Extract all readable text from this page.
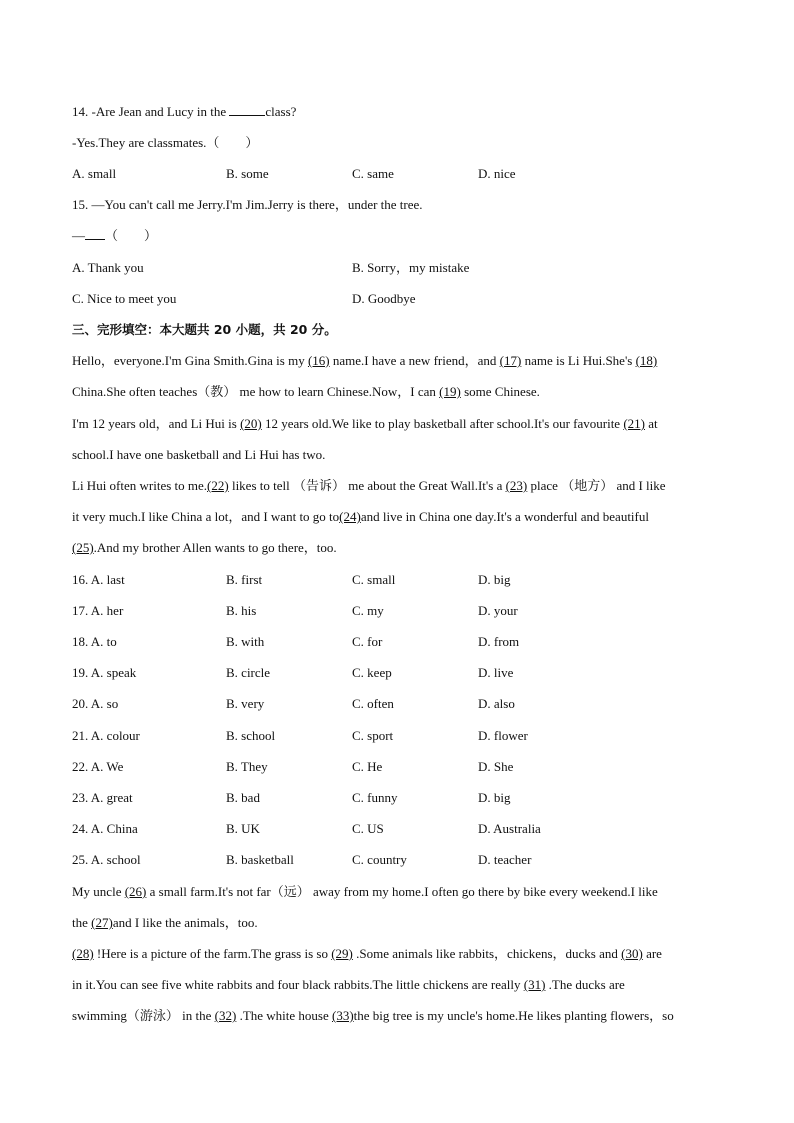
14. -Are Jean and Lucy in the	class?
-Yes.They are classmates.（　　）
A. small	B. some	C. same	D. nice
15. —You can't call me Jerry.I'm Jim.Jerry is there，under the tree.
— （　　）
A. Thank you	B. Sorry，my mistake
C. Nice to meet you	D. Goodbye
三、完形填空：本大题共 20 小题，共 20 分。
Hello，everyone.I'm Gina Smith.Gina is my (16) name.I have a new friend，and (17) name is Li Hui.She's (18)
China.She often teaches（教） me how to learn Chinese.Now，I can (19) some Chinese.
I'm 12 years old，and Li Hui is (20) 12 years old.We like to play basketball after school.It's our favourite (21) at
school.I have one basketball and Li Hui has two.
Li Hui often writes to me.(22) likes to tell （告诉） me about the Great Wall.It's a (23) place （地方） and I like
it very much.I like China a lot，and I want to go to(24)and live in China one day.It's a wonderful and beautiful
(25).And my brother Allen wants to go there，too.
16. A. last	B. first	C. small	D. big
17. A. her	B. his	C. my	D. your
18. A. to	B. with	C. for	D. from
19. A. speak	B. circle	C. keep	D. live
20. A. so	B. very	C. often	D. also
21. A. colour	B. school	C. sport	D. flower
22. A. We	B. They	C. He	D. She
23. A. great	B. bad	C. funny	D. big
24. A. China	B. UK	C. US	D. Australia
25. A. school	B. basketball	C. country	D. teacher
My uncle (26) a small farm.It's not far（远） away from my home.I often go there by bike every weekend.I like
the (27)and I like the animals，too.
(28) !Here is a picture of the farm.The grass is so (29) .Some animals like rabbits，chickens，ducks and (30) are
in it.You can see five white rabbits and four black rabbits.The little chickens are really (31) .The ducks are
swimming（游泳） in the (32) .The white house (33)the big tree is my uncle's home.He likes planting flowers，so
